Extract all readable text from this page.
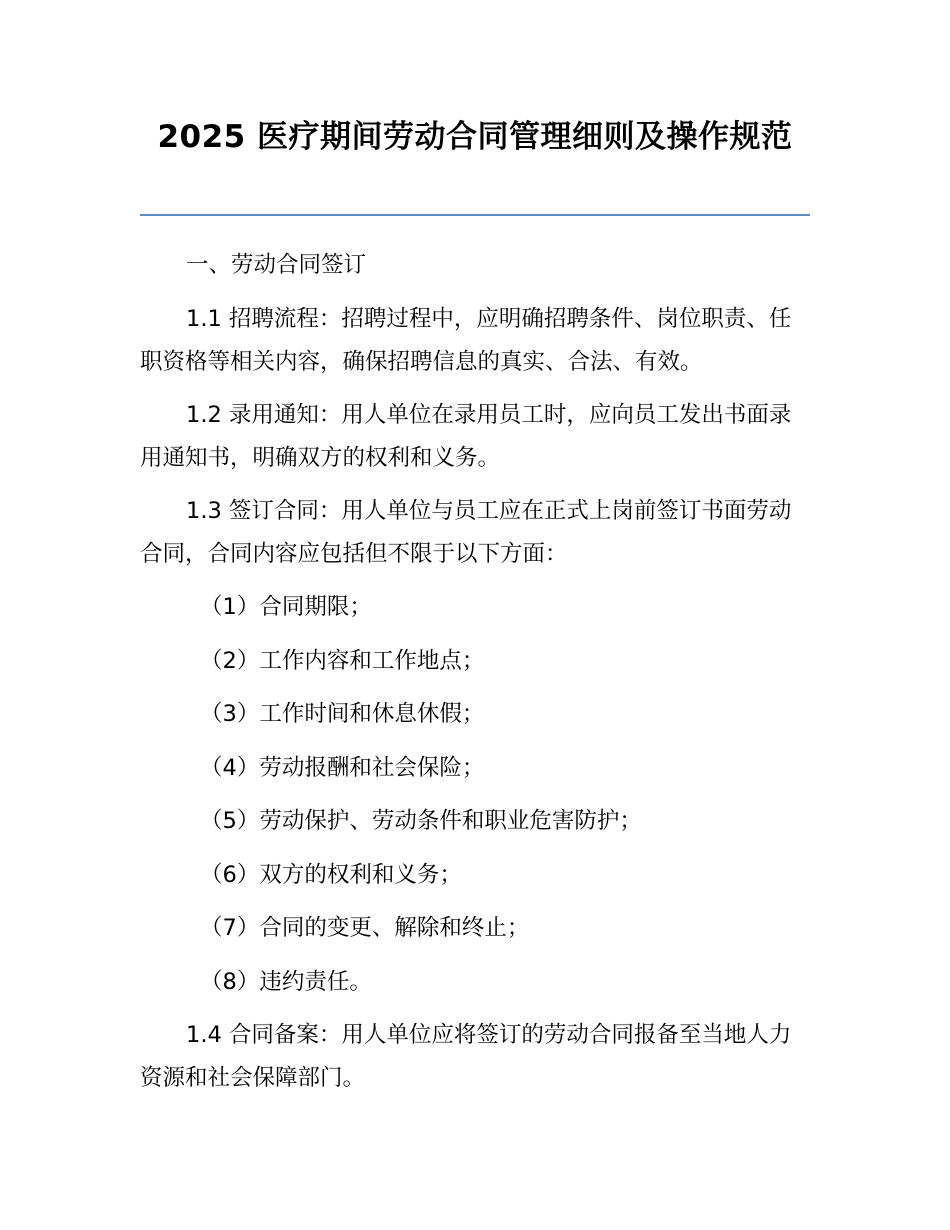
2025 医疗期间劳动合同管理细则及操作规范

一、劳动合同签订

1.1 招聘流程：招聘过程中，应明确招聘条件、岗位职责、任职资格等相关内容，确保招聘信息的真实、合法、有效。

1.2 录用通知：用人单位在录用员工时，应向员工发出书面录用通知书，明确双方的权利和义务。

1.3 签订合同：用人单位与员工应在正式上岗前签订书面劳动合同，合同内容应包括但不限于以下方面：

（1）合同期限；

（2）工作内容和工作地点；

（3）工作时间和休息休假；

（4）劳动报酬和社会保险；

（5）劳动保护、劳动条件和职业危害防护；

（6）双方的权利和义务；

（7）合同的变更、解除和终止；

（8）违约责任。

1.4 合同备案：用人单位应将签订的劳动合同报备至当地人力资源和社会保障部门。
